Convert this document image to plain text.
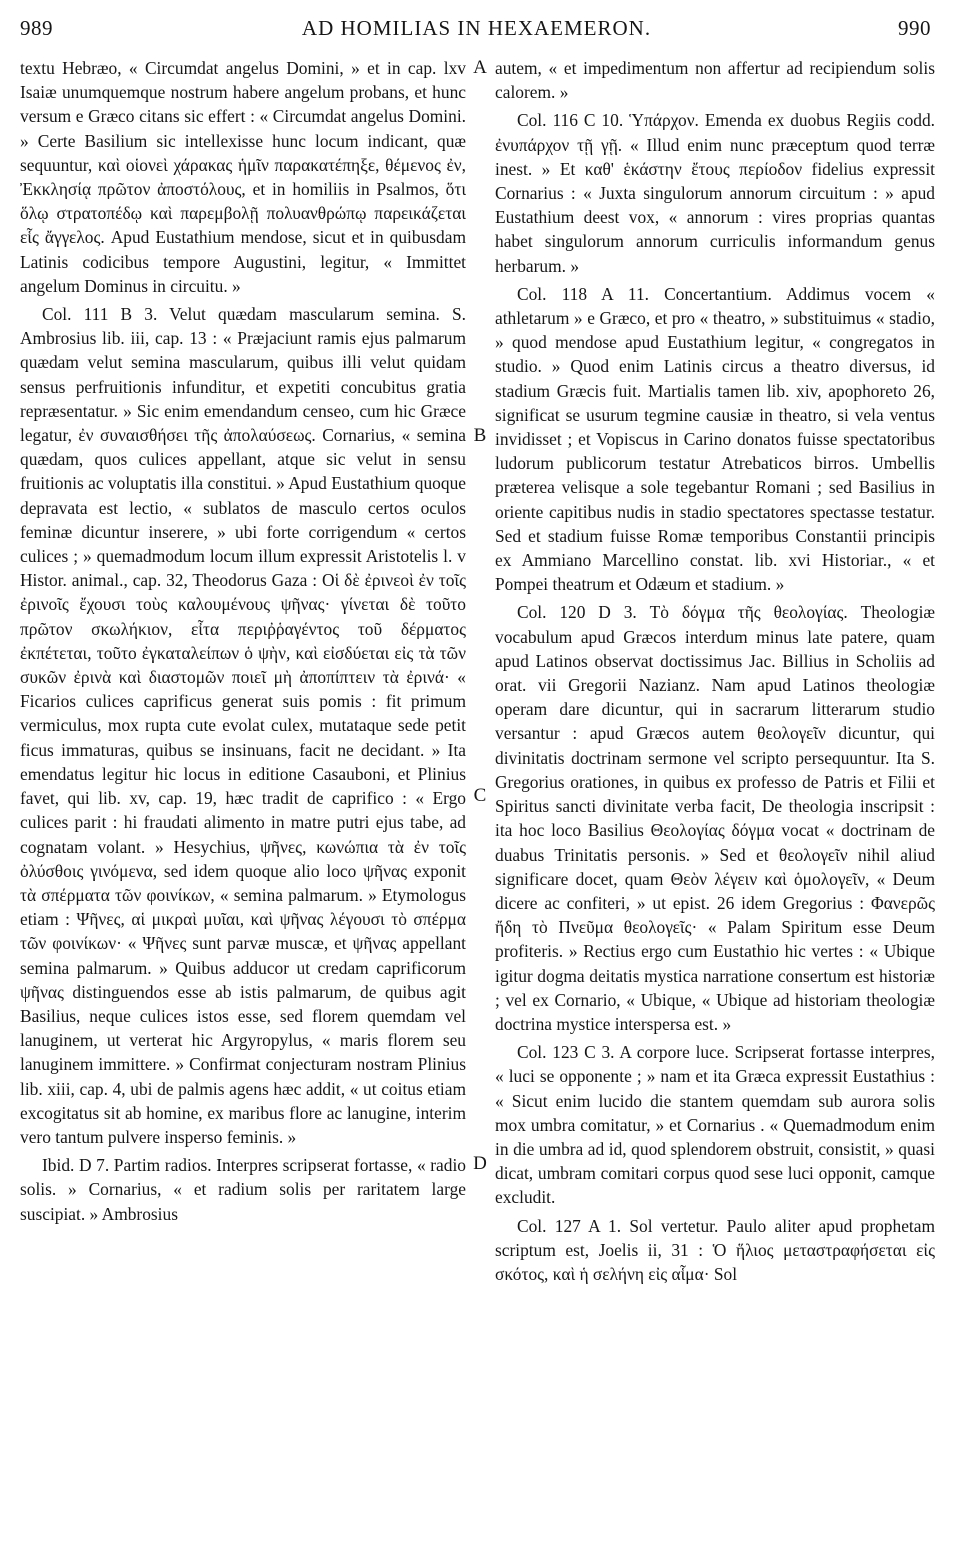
989	AD HOMILIAS IN HEXAEMERON.	990

textu Hebræo, « Circumdat angelus Domini, » et in cap. lxv Isaiæ unumquemque nostrum habere angelum probans, et hunc versum e Græco citans sic effert : « Circumdat angelus Domini. » Certe Basilium sic intellexisse hunc locum indicant, quæ sequuntur, καὶ οἱονεὶ χάρακας ἡμῖν παρακατέπηξε, θέμενος ἐν, Ἐκκλησίᾳ πρῶτον ἀποστόλους, et in homiliis in Psalmos, ὅτι ὅλῳ στρατοπέδῳ καὶ παρεμβολῇ πολυανθρώπῳ παρεικάζεται εἷς ἄγγελος. Apud Eustathium mendose, sicut et in quibusdam Latinis codicibus tempore Augustini, legitur, « Immittet angelum Dominus in circuitu. »

Col. 111 B 3. Velut quædam mascularum semina. S. Ambrosius lib. iii, cap. 13 : « Præjaciunt ramis ejus palmarum quædam velut semina mascularum, quibus illi velut quidam sensus perfruitionis infunditur, et expetiti concubitus gratia repræsentatur. » Sic enim emendandum censeo, cum hic Græce legatur, ἐν συναισθήσει τῆς ἀπολαύσεως. Cornarius, « semina quædam, quos culices appellant, atque sic velut in sensu fruitionis ac voluptatis illa constitui. » Apud Eustathium quoque depravata est lectio, « sublatos de masculo certos oculos feminæ dicuntur inserere, » ubi forte corrigendum « certos culices ; » quemadmodum locum illum expressit Aristotelis l. v Histor. animal., cap. 32, Theodorus Gaza : Οἱ δὲ ἐρινεοὶ ἐν τοῖς ἐρινοῖς ἔχουσι τοὺς καλουμένους ψῆνας· γίνεται δὲ τοῦτο πρῶτον σκωλήκιον, εἶτα περιῤῥαγέντος τοῦ δέρματος ἐκπέτεται, τοῦτο ἐγκαταλείπων ὁ ψὴν, καὶ εἰσδύεται εἰς τὰ τῶν συκῶν ἐρινὰ καὶ διαστομῶν ποιεῖ μὴ ἀποπίπτειν τὰ ἐρινά· « Ficarios culices caprificus generat suis pomis : fit primum vermiculus, mox rupta cute evolat culex, mutataque sede petit ficus immaturas, quibus se insinuans, facit ne decidant. » Ita emendatus legitur hic locus in editione Casauboni, et Plinius favet, qui lib. xv, cap. 19, hæc tradit de caprifico : « Ergo culices parit : hi fraudati alimento in matre putri ejus tabe, ad cognatam volant. » Hesychius, ψῆνες, κωνώπια τὰ ἐν τοῖς ὀλύσθοις γινόμενα, sed idem quoque alio loco ψῆνας exponit τὰ σπέρματα τῶν φοινίκων, « semina palmarum. » Etymologus etiam : Ψῆνες, αἱ μικραὶ μυῖαι, καὶ ψῆνας λέγουσι τὸ σπέρμα τῶν φοινίκων· « Ψῆνες sunt parvæ muscæ, et ψῆνας appellant semina palmarum. » Quibus adducor ut credam caprificorum ψῆνας distinguendos esse ab istis palmarum, de quibus agit Basilius, neque culices istos esse, sed florem quemdam vel lanuginem, ut verterat hic Argyropylus, « maris florem seu lanuginem immittere. » Confirmat conjecturam nostram Plinius lib. xiii, cap. 4, ubi de palmis agens hæc addit, « ut coitus etiam excogitatus sit ab homine, ex maribus flore ac lanugine, interim vero tantum pulvere insperso feminis. »

Ibid. D 7. Partim radios. Interpres scripserat fortasse, « radio solis. » Cornarius, « et radium solis per raritatem large suscipiat. » Ambrosius

A
B
C
D

autem, « et impedimentum non affertur ad recipiendum solis calorem. »

Col. 116 C 10. Ὑπάρχον. Emenda ex duobus Regiis codd. ἐνυπάρχον τῇ γῇ. « Illud enim nunc præceptum quod terræ inest. » Et καθ' ἑκάστην ἔτους περίοδον fidelius expressit Cornarius : « Juxta singulorum annorum circuitum : » apud Eustathium deest vox, « annorum : vires proprias quantas habet singulorum annorum curriculis informandum genus herbarum. »

Col. 118 A 11. Concertantium. Addimus vocem « athletarum » e Græco, et pro « theatro, » substituimus « stadio, » quod mendose apud Eustathium legitur, « congregatos in studio. » Quod enim Latinis circus a theatro diversus, id stadium Græcis fuit. Martialis tamen lib. xiv, apophoreto 26, significat se usurum tegmine causiæ in theatro, si vela ventus invidisset ; et Vopiscus in Carino donatos fuisse spectatoribus ludorum publicorum testatur Atrebaticos birros. Umbellis præterea velisque a sole tegebantur Romani ; sed Basilius in oriente capitibus nudis in stadio spectatores spectasse testatur. Sed et stadium fuisse Romæ temporibus Constantii principis ex Ammiano Marcellino constat. lib. xvi Historiar., « et Pompei theatrum et Odæum et stadium. »

Col. 120 D 3. Τὸ δόγμα τῆς θεολογίας. Theologiæ vocabulum apud Græcos interdum minus late patere, quam apud Latinos observat doctissimus Jac. Billius in Scholiis ad orat. vii Gregorii Nazianz. Nam apud Latinos theologiæ operam dare dicuntur, qui in sacrarum litterarum studio versantur : apud Græcos autem θεολογεῖν dicuntur, qui divinitatis doctrinam sermone vel scripto persequuntur. Ita S. Gregorius orationes, in quibus ex professo de Patris et Filii et Spiritus sancti divinitate verba facit, De theologia inscripsit : ita hoc loco Basilius Θεολογίας δόγμα vocat « doctrinam de duabus Trinitatis personis. » Sed et θεολογεῖν nihil aliud significare docet, quam Θεὸν λέγειν καὶ ὁμολογεῖν, « Deum dicere ac confiteri, » ut epist. 26 idem Gregorius : Φανερῶς ἤδη τὸ Πνεῦμα θεολογεῖς· « Palam Spiritum esse Deum profiteris. » Rectius ergo cum Eustathio hic vertes : « Ubique igitur dogma deitatis mystica narratione consertum est historiæ ; vel ex Cornario, « Ubique, « Ubique ad historiam theologiæ doctrina mystice interspersa est. »

Col. 123 C 3. A corpore luce. Scripserat fortasse interpres, « luci se opponente ; » nam et ita Græca expressit Eustathius : « Sicut enim lucido die stantem quemdam sub aurora solis mox umbra comitatur, » et Cornarius . « Quemadmodum enim in die umbra ad id, quod splendorem obstruit, consistit, » quasi dicat, umbram comitari corpus quod sese luci opponit, camque excludit.

Col. 127 A 1. Sol vertetur. Paulo aliter apud prophetam scriptum est, Joelis ii, 31 : Ὁ ἥλιος μεταστραφήσεται εἰς σκότος, καὶ ἡ σελήνη εἰς αἷμα· Sol
